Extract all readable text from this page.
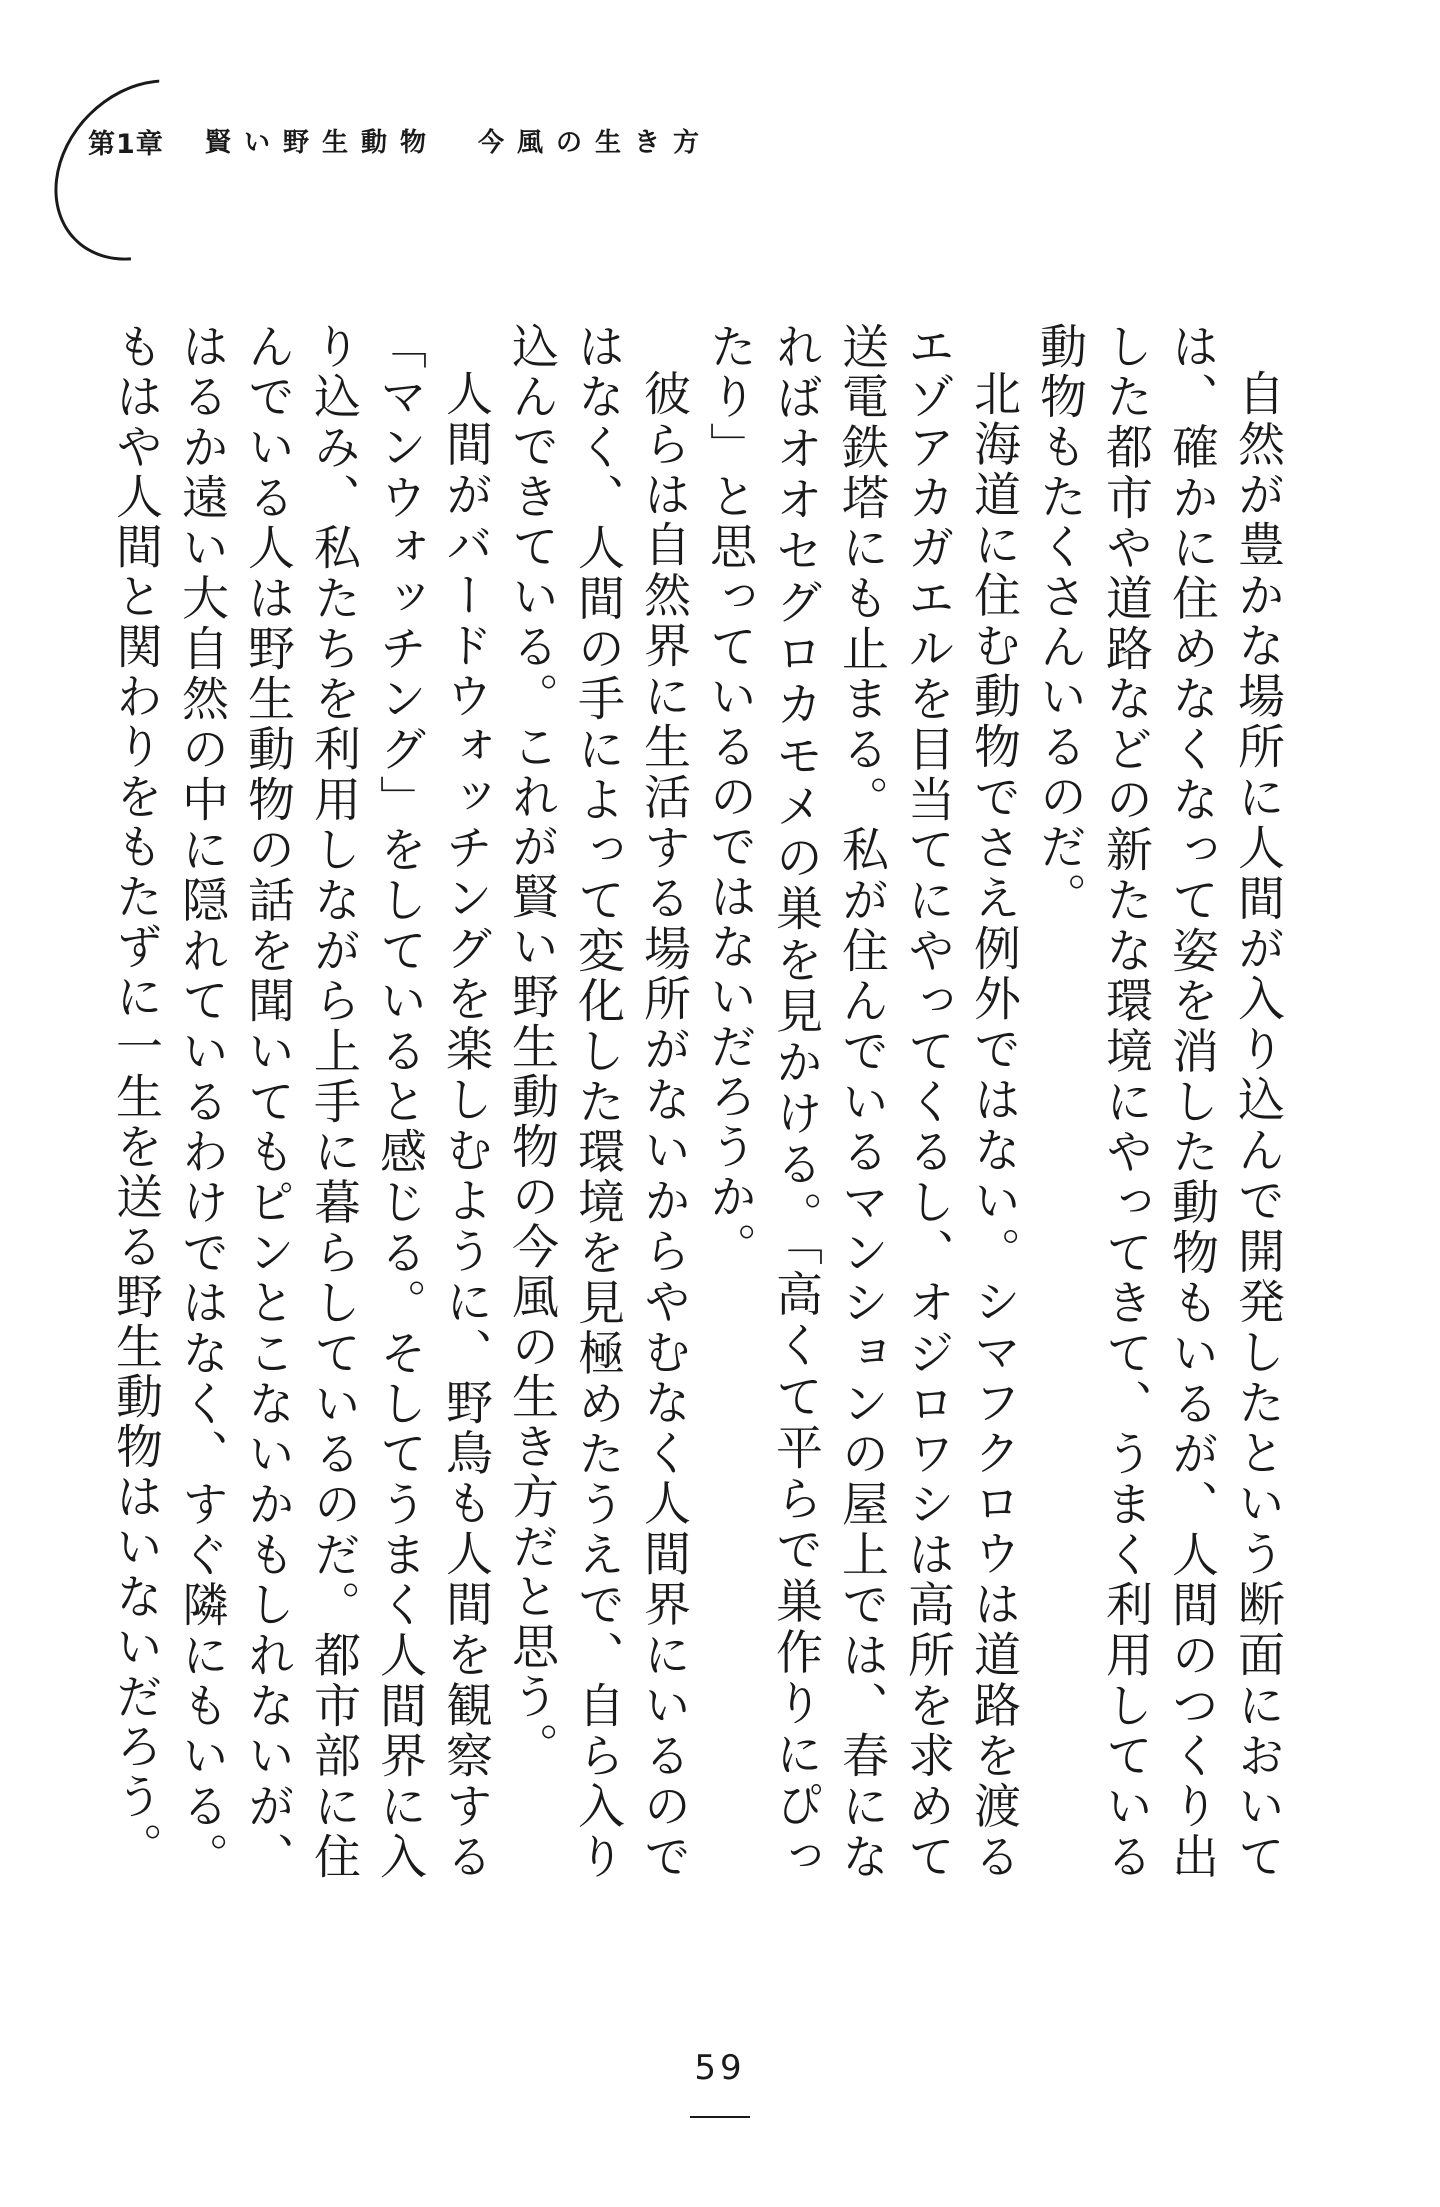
第1章 賢い野生動物　今風の生き方

自然が豊かな場所に人間が入り込んで開発したという断面においては、確かに住めなくなって姿を消した動物もいるが、人間のつくり出した都市や道路などの新たな環境にやってきて、うまく利用している動物もたくさんいるのだ。

北海道に住む動物でさえ例外ではない。シマフクロウは道路を渡るエゾアカガエルを目当てにやってくるし、オジロワシは高所を求めて送電鉄塔にも止まる。私が住んでいるマンションの屋上では、春になればオオセグロカモメの巣を見かける。「高くて平らで巣作りにぴったり」と思っているのではないだろうか。

彼らは自然界に生活する場所がないからやむなく人間界にいるのではなく、人間の手によって変化した環境を見極めたうえで、自ら入り込んできている。これが賢い野生動物の今風の生き方だと思う。

人間がバードウォッチングを楽しむように、野鳥も人間を観察する「マンウォッチング」をしていると感じる。そしてうまく人間界に入り込み、私たちを利用しながら上手に暮らしているのだ。都市部に住んでいる人は野生動物の話を聞いてもピンとこないかもしれないが、はるか遠い大自然の中に隠れているわけではなく、すぐ隣にもいる。もはや人間と関わりをもたずに一生を送る野生動物はいないだろう。

59
